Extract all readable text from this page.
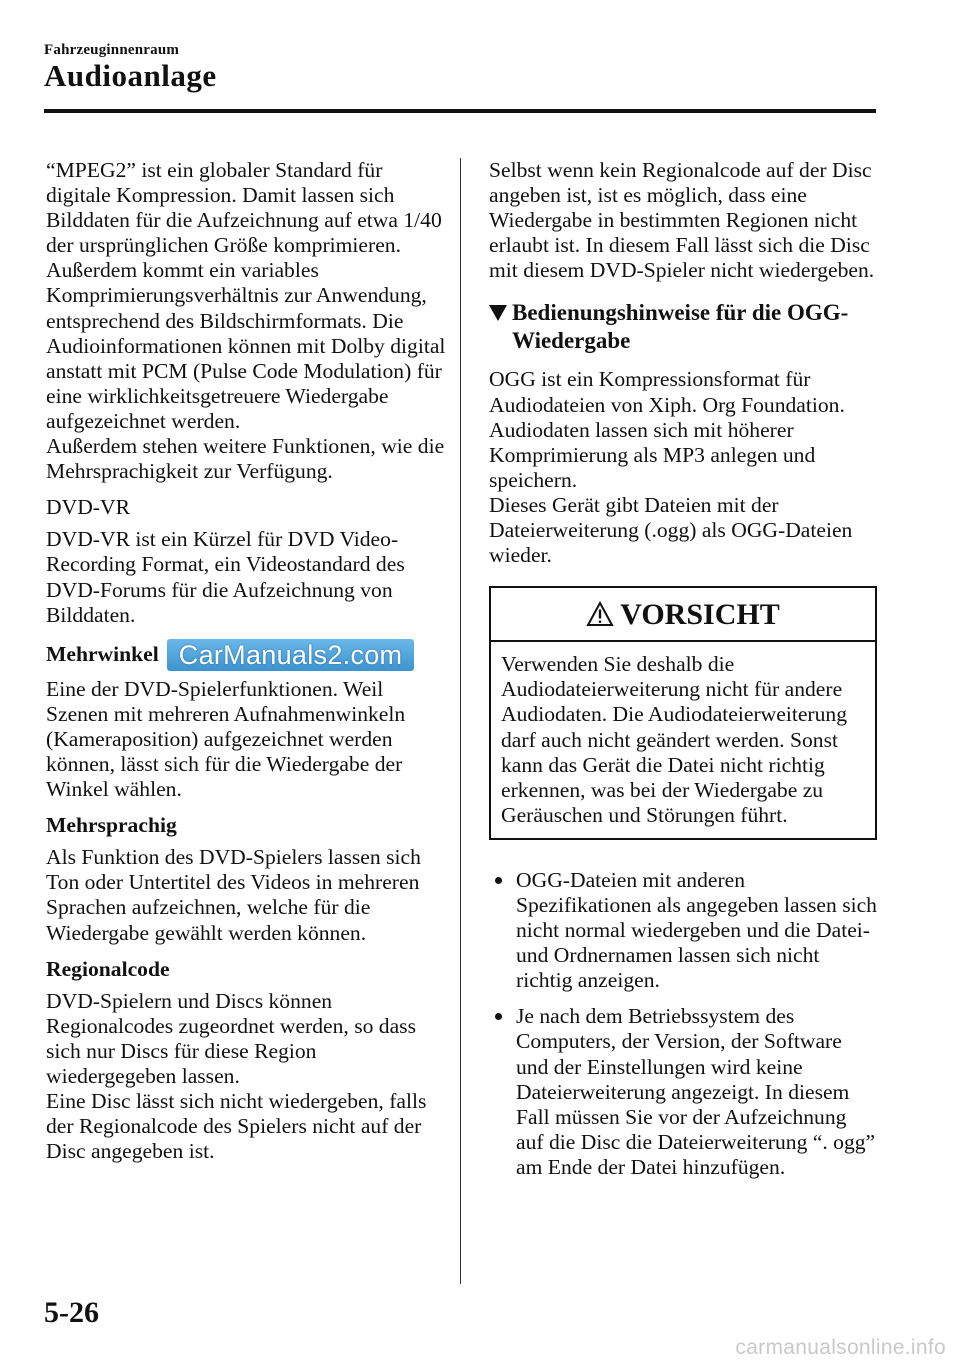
Fahrzeuginnenraum
Audioanlage

“MPEG2” ist ein globaler Standard für digitale Kompression. Damit lassen sich Bilddaten für die Aufzeichnung auf etwa 1/40 der ursprünglichen Größe komprimieren. Außerdem kommt ein variables Komprimierungsverhältnis zur Anwendung, entsprechend des Bildschirmformats. Die Audioinformationen können mit Dolby digital anstatt mit PCM (Pulse Code Modulation) für eine wirklichkeitsgetreuere Wiedergabe aufgezeichnet werden.

Außerdem stehen weitere Funktionen, wie die Mehrsprachigkeit zur Verfügung.

DVD-VR

DVD-VR ist ein Kürzel für DVD Video-Recording Format, ein Videostandard des DVD-Forums für die Aufzeichnung von Bilddaten.

Mehrwinkel CarManuals2.com

Eine der DVD-Spielerfunktionen. Weil Szenen mit mehreren Aufnahmenwinkeln (Kameraposition) aufgezeichnet werden können, lässt sich für die Wiedergabe der Winkel wählen.

Mehrsprachig

Als Funktion des DVD-Spielers lassen sich Ton oder Untertitel des Videos in mehreren Sprachen aufzeichnen, welche für die Wiedergabe gewählt werden können.

Regionalcode

DVD-Spielern und Discs können Regionalcodes zugeordnet werden, so dass sich nur Discs für diese Region wiedergegeben lassen.

Eine Disc lässt sich nicht wiedergeben, falls der Regionalcode des Spielers nicht auf der Disc angegeben ist.

Selbst wenn kein Regionalcode auf der Disc angeben ist, ist es möglich, dass eine Wiedergabe in bestimmten Regionen nicht erlaubt ist. In diesem Fall lässt sich die Disc mit diesem DVD-Spieler nicht wiedergeben.

Bedienungshinweise für die OGG-Wiedergabe

OGG ist ein Kompressionsformat für Audiodateien von Xiph. Org Foundation. Audiodaten lassen sich mit höherer Komprimierung als MP3 anlegen und speichern.

Dieses Gerät gibt Dateien mit der Dateierweiterung (.ogg) als OGG-Dateien wieder.

VORSICHT
Verwenden Sie deshalb die Audiodateierweiterung nicht für andere Audiodaten. Die Audiodateierweiterung darf auch nicht geändert werden. Sonst kann das Gerät die Datei nicht richtig erkennen, was bei der Wiedergabe zu Geräuschen und Störungen führt.
OGG-Dateien mit anderen Spezifikationen als angegeben lassen sich nicht normal wiedergeben und die Datei- und Ordnernamen lassen sich nicht richtig anzeigen.
Je nach dem Betriebssystem des Computers, der Version, der Software und der Einstellungen wird keine Dateierweiterung angezeigt. In diesem Fall müssen Sie vor der Aufzeichnung auf die Disc die Dateierweiterung “. ogg” am Ende der Datei hinzufügen.
5-26
carmanualsonline.info
